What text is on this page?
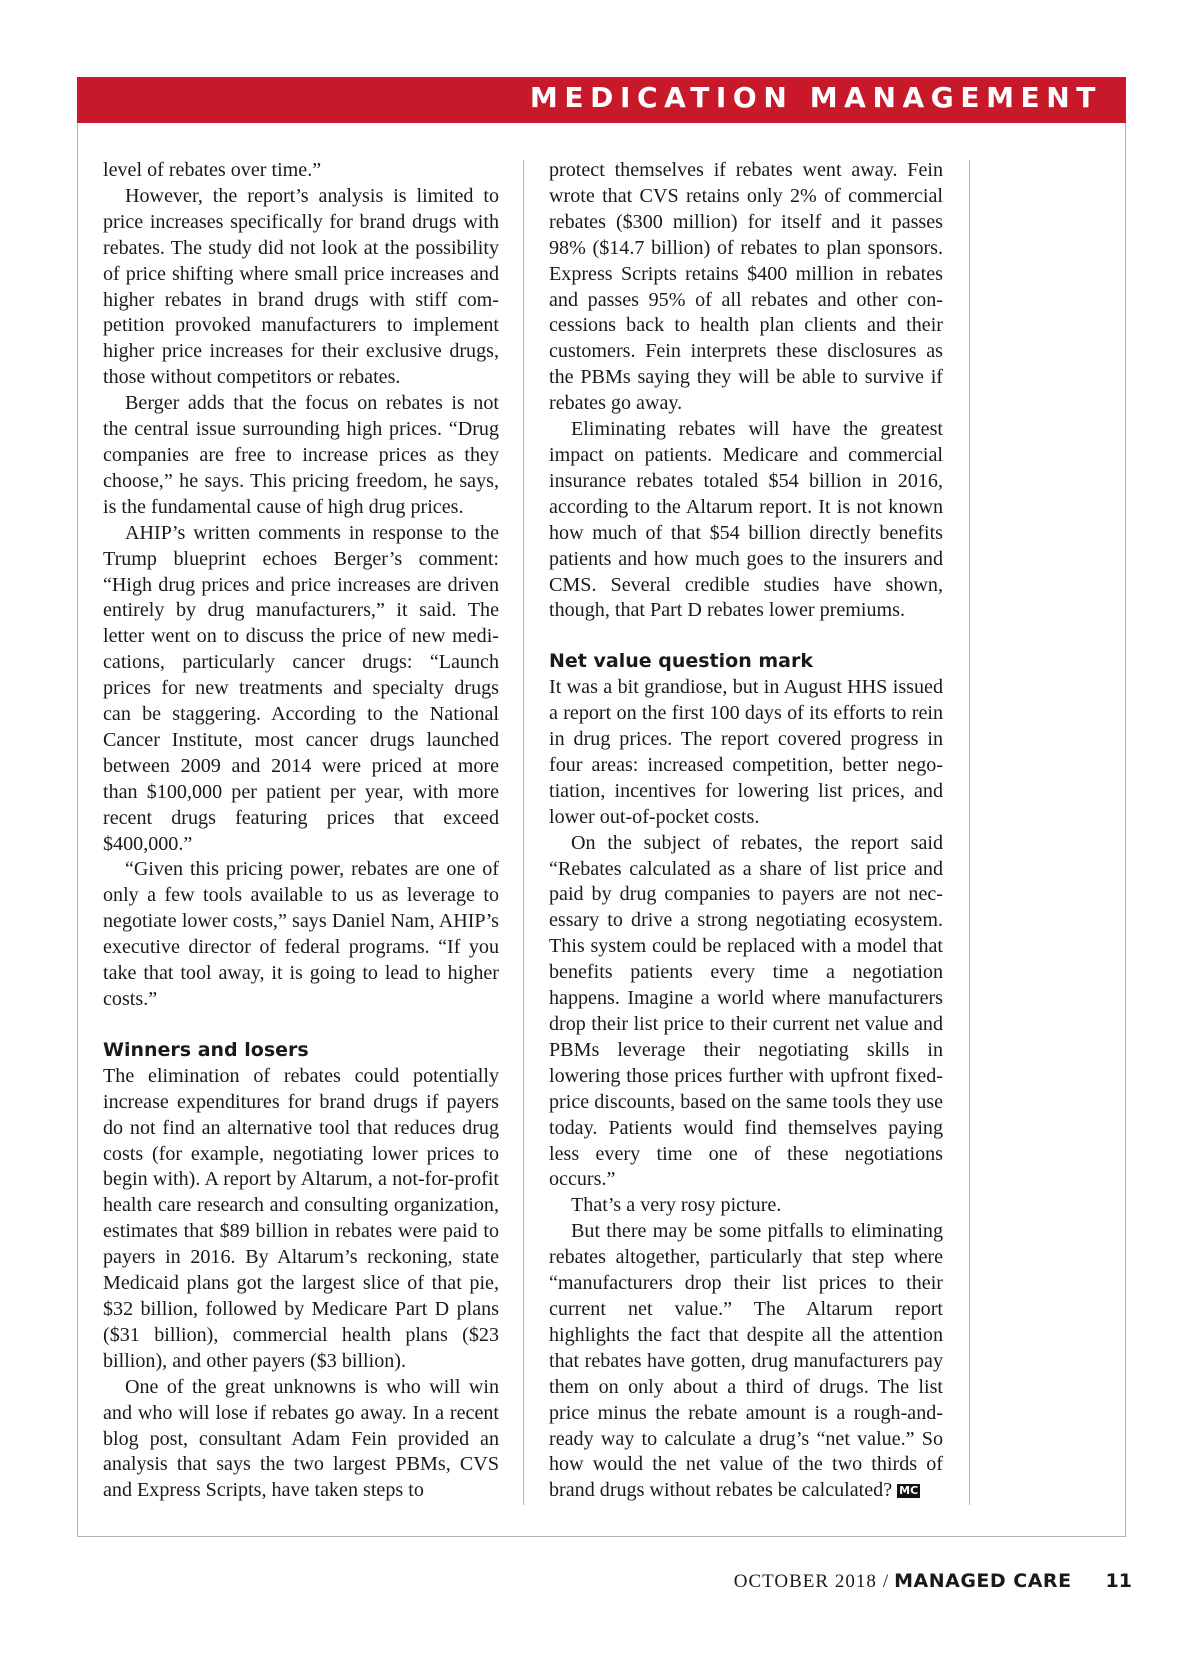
MEDICATION MANAGEMENT

level of rebates over time.”

However, the report’s analysis is limited to price increases specifically for brand drugs with rebates. The study did not look at the possibility of price shifting where small price increases and higher rebates in brand drugs with stiff competition provoked manufacturers to implement higher price increases for their exclusive drugs, those without competitors or rebates.

Berger adds that the focus on rebates is not the central issue surrounding high prices. “Drug companies are free to increase prices as they choose,” he says. This pricing freedom, he says, is the fundamental cause of high drug prices.

AHIP’s written comments in response to the Trump blueprint echoes Berger’s comment: “High drug prices and price increases are driven entirely by drug manufacturers,” it said. The letter went on to discuss the price of new medications, particularly cancer drugs: “Launch prices for new treatments and specialty drugs can be staggering. According to the National Cancer Institute, most cancer drugs launched between 2009 and 2014 were priced at more than $100,000 per patient per year, with more recent drugs featuring prices that exceed $400,000.”

“Given this pricing power, rebates are one of only a few tools available to us as leverage to negotiate lower costs,” says Daniel Nam, AHIP’s executive director of federal programs. “If you take that tool away, it is going to lead to higher costs.”

Winners and losers

The elimination of rebates could potentially increase expenditures for brand drugs if payers do not find an alternative tool that reduces drug costs (for example, negotiating lower prices to begin with). A report by Altarum, a not-for-profit health care research and consulting organization, estimates that $89 billion in rebates were paid to payers in 2016. By Altarum’s reckoning, state Medicaid plans got the largest slice of that pie, $32 billion, followed by Medicare Part D plans ($31 billion), commercial health plans ($23 billion), and other payers ($3 billion).

One of the great unknowns is who will win and who will lose if rebates go away. In a recent blog post, consultant Adam Fein provided an analysis that says the two largest PBMs, CVS and Express Scripts, have taken steps to

protect themselves if rebates went away. Fein wrote that CVS retains only 2% of commercial rebates ($300 million) for itself and it passes 98% ($14.7 billion) of rebates to plan sponsors. Express Scripts retains $400 million in rebates and passes 95% of all rebates and other concessions back to health plan clients and their customers. Fein interprets these disclosures as the PBMs saying they will be able to survive if rebates go away.

Eliminating rebates will have the greatest impact on patients. Medicare and commercial insurance rebates totaled $54 billion in 2016, according to the Altarum report. It is not known how much of that $54 billion directly benefits patients and how much goes to the insurers and CMS. Several credible studies have shown, though, that Part D rebates lower premiums.

Net value question mark

It was a bit grandiose, but in August HHS issued a report on the first 100 days of its efforts to rein in drug prices. The report covered progress in four areas: increased competition, better negotiation, incentives for lowering list prices, and lower out-of-pocket costs.

On the subject of rebates, the report said “Rebates calculated as a share of list price and paid by drug companies to payers are not necessary to drive a strong negotiating ecosystem. This system could be replaced with a model that benefits patients every time a negotiation happens. Imagine a world where manufacturers drop their list price to their current net value and PBMs leverage their negotiating skills in lowering those prices further with upfront fixed-price discounts, based on the same tools they use today. Patients would find themselves paying less every time one of these negotiations occurs.”

That’s a very rosy picture.

But there may be some pitfalls to eliminating rebates altogether, particularly that step where “manufacturers drop their list prices to their current net value.” The Altarum report highlights the fact that despite all the attention that rebates have gotten, drug manufacturers pay them on only about a third of drugs. The list price minus the rebate amount is a rough-and-ready way to calculate a drug’s “net value.” So how would the net value of the two thirds of brand drugs without rebates be calculated? MC

OCTOBER 2018 / MANAGED CARE 11
